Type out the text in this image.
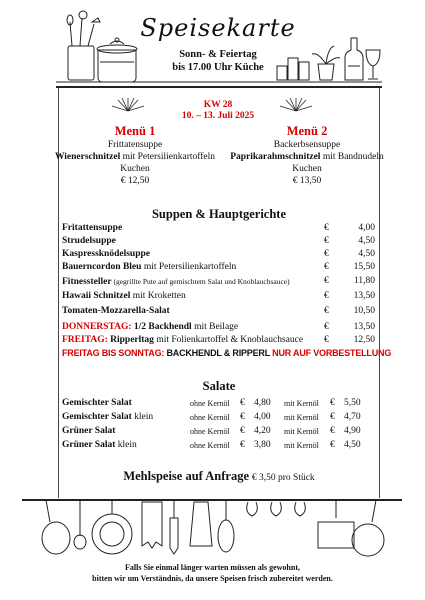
Speisekarte
Sonn- & Feiertag
bis 17.00 Uhr Küche
KW 28
10. – 13. Juli 2025
Menü 1
Frittatensuppe
Wienerschnitzel mit Petersilienkartoffeln
Kuchen
€ 12,50
Menü 2
Backerbsensuppe
Paprikarahmschnitzel mit Bandnudeln
Kuchen
€ 13,50
Suppen & Hauptgerichte
Fritattensuppe	€	4,00
Strudelsuppe	€	4,50
Kaspressknödelsuppe	€	4,50
Bauerncordon Bleu mit Petersilienkartoffeln	€	15,50
Fitnessteller (gegrillte Pute auf gemischtem Salat und Knoblauchsauce)	€	11,80
Hawaii Schnitzel mit Kroketten	€	13,50
Tomaten-Mozzarella-Salat	€	10,50
DONNERSTAG: 1/2 Backhendl mit Beilage	€	13,50
FREITAG: Ripperltag mit Folienkartoffel & Knoblauchsauce €	12,50
FREITAG BIS SONNTAG: BACKHENDL & RIPPERL NUR AUF VORBESTELLUNG
Salate
Gemischter Salat	ohne Kernöl € 4,80 mit Kernöl € 5,50
Gemischter Salat klein	ohne Kernöl € 4,00 mit Kernöl € 4,70
Grüner Salat	ohne Kernöl € 4,20 mit Kernöl € 4,90
Grüner Salat klein	ohne Kernöl € 3,80 mit Kernöl € 4,50
Mehlspeise auf Anfrage € 3,50 pro Stück
Falls Sie einmal länger warten müssen als gewohnt,
bitten wir um Verständnis, da unsere Speisen frisch zubereitet werden.
